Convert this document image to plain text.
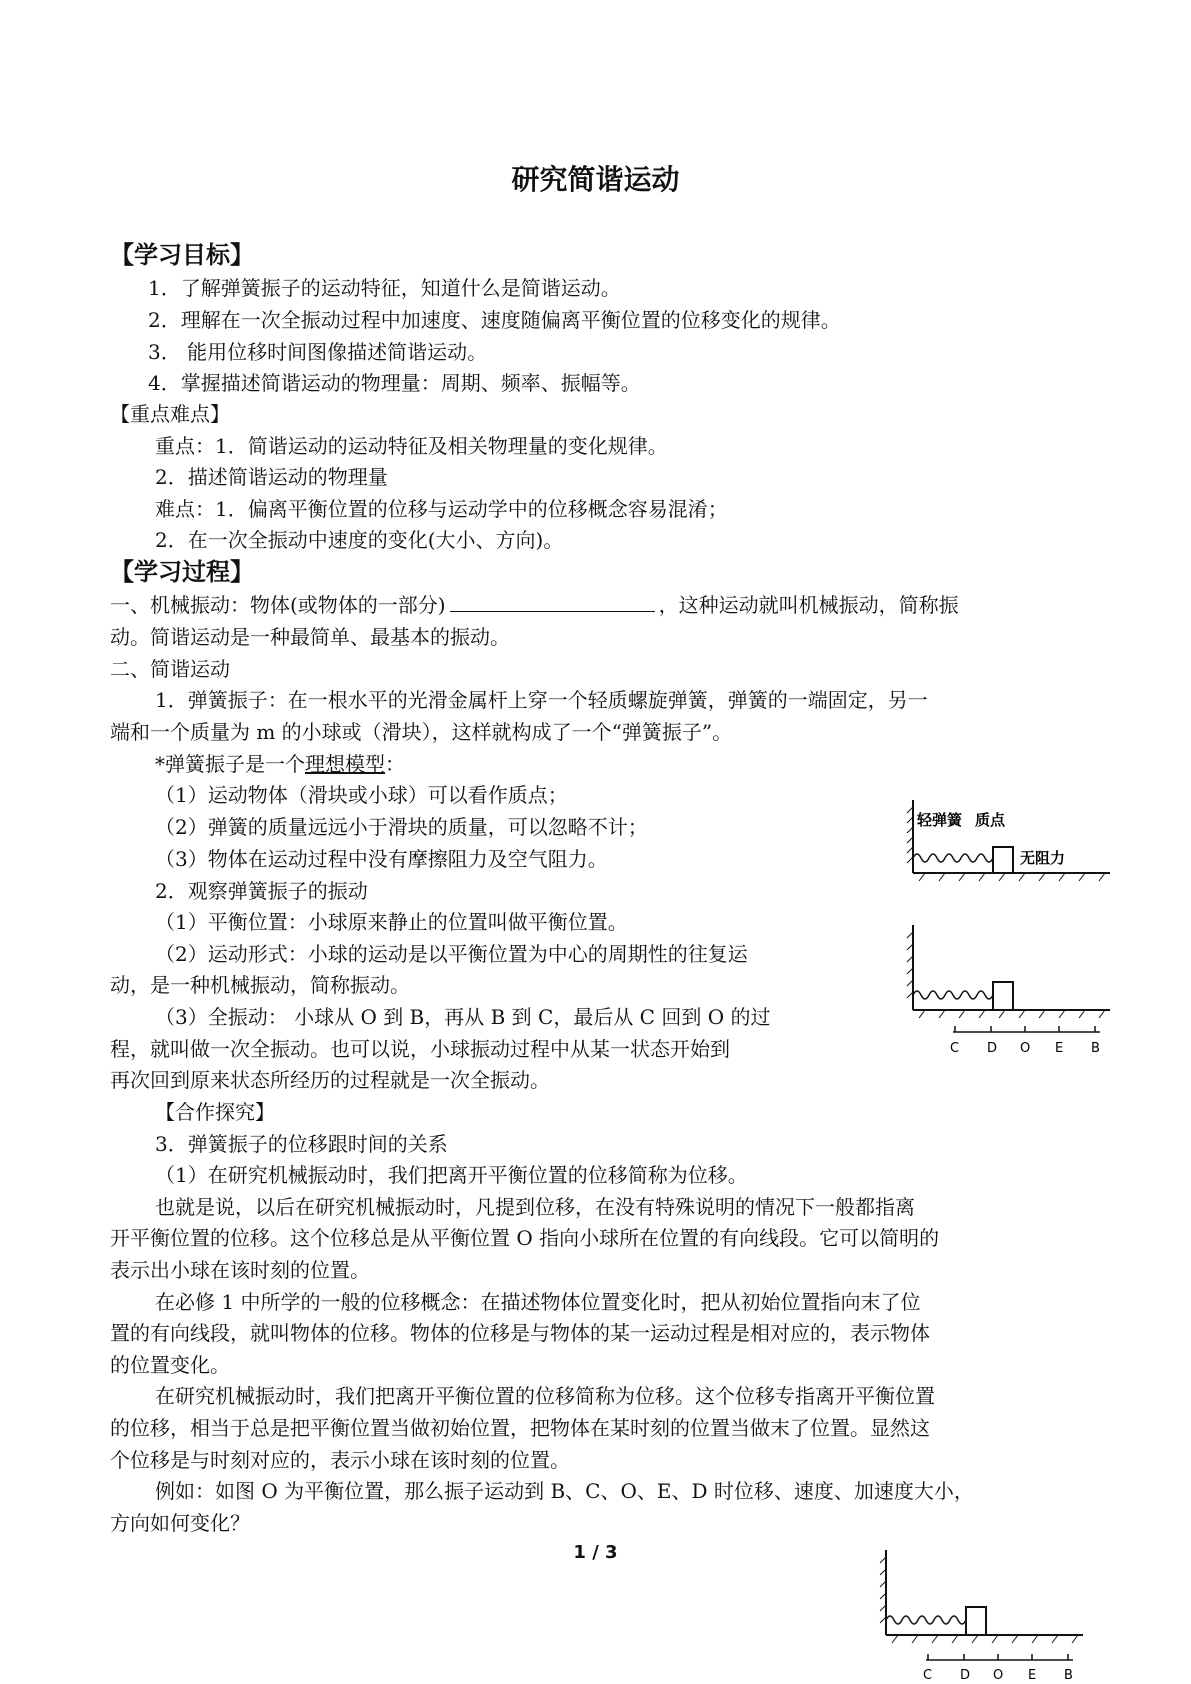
研究简谐运动
【学习目标】
1．了解弹簧振子的运动特征，知道什么是简谐运动。
2．理解在一次全振动过程中加速度、速度随偏离平衡位置的位移变化的规律。
3． 能用位移时间图像描述简谐运动。
4．掌握描述简谐运动的物理量：周期、频率、振幅等。
【重点难点】
重点：1．简谐运动的运动特征及相关物理量的变化规律。
2．描述简谐运动的物理量
难点：1．偏离平衡位置的位移与运动学中的位移概念容易混淆；
2．在一次全振动中速度的变化(大小、方向)。
【学习过程】
一、机械振动：物体(或物体的一部分)	，这种运动就叫机械振动，简称振
动。简谐运动是一种最简单、最基本的振动。
二、简谐运动
1．弹簧振子：在一根水平的光滑金属杆上穿一个轻质螺旋弹簧，弹簧的一端固定，另一
端和一个质量为 m 的小球或（滑块），这样就构成了一个“弹簧振子”。
*弹簧振子是一个理想模型：
（1）运动物体（滑块或小球）可以看作质点；
（2）弹簧的质量远远小于滑块的质量，可以忽略不计；
（3）物体在运动过程中没有摩擦阻力及空气阻力。
2．观察弹簧振子的振动
（1）平衡位置：小球原来静止的位置叫做平衡位置。
（2）运动形式：小球的运动是以平衡位置为中心的周期性的往复运
动，是一种机械振动，简称振动。
（3）全振动： 小球从 O 到 B，再从 B 到 C，最后从 C 回到 O 的过
程，就叫做一次全振动。也可以说，小球振动过程中从某一状态开始到
再次回到原来状态所经历的过程就是一次全振动。
【合作探究】
3．弹簧振子的位移跟时间的关系
（1）在研究机械振动时，我们把离开平衡位置的位移简称为位移。
也就是说，以后在研究机械振动时，凡提到位移，在没有特殊说明的情况下一般都指离
开平衡位置的位移。这个位移总是从平衡位置 O 指向小球所在位置的有向线段。它可以简明的
表示出小球在该时刻的位置。
在必修 1 中所学的一般的位移概念：在描述物体位置变化时，把从初始位置指向末了位
置的有向线段，就叫物体的位移。物体的位移是与物体的某一运动过程是相对应的，表示物体
的位置变化。
在研究机械振动时，我们把离开平衡位置的位移简称为位移。这个位移专指离开平衡位置
的位移，相当于总是把平衡位置当做初始位置，把物体在某时刻的位置当做末了位置。显然这
个位移是与时刻对应的，表示小球在该时刻的位置。
例如：如图 O 为平衡位置，那么振子运动到 B、C、O、E、D 时位移、速度、加速度大小，
方向如何变化？
1 / 3
轻弹簧 质点
无阻力
C D O E B
C D O E B
